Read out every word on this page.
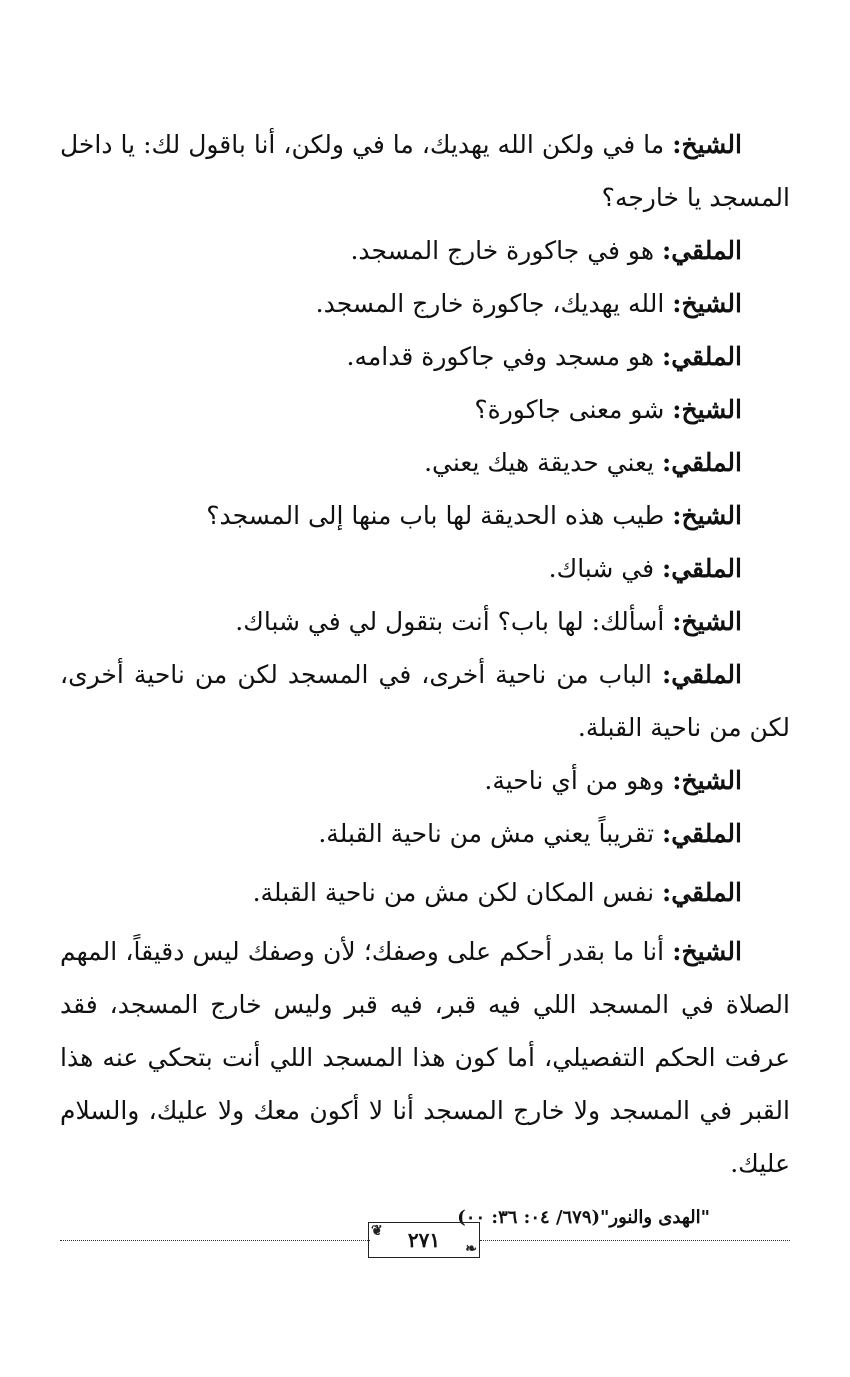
الشيخ: ما في ولكن الله يهديك، ما في ولكن، أنا باقول لك: يا داخل المسجد يا خارجه؟

الملقي: هو في جاكورة خارج المسجد.

الشيخ: الله يهديك، جاكورة خارج المسجد.

الملقي: هو مسجد وفي جاكورة قدامه.

الشيخ: شو معنى جاكورة؟

الملقي: يعني حديقة هيك يعني.

الشيخ: طيب هذه الحديقة لها باب منها إلى المسجد؟

الملقي: في شباك.

الشيخ: أسألك: لها باب؟ أنت بتقول لي في شباك.

الملقي: الباب من ناحية أخرى، في المسجد لكن من ناحية أخرى، لكن من ناحية القبلة.

الشيخ: وهو من أي ناحية.

الملقي: تقريباً يعني مش من ناحية القبلة.

الملقي: نفس المكان لكن مش من ناحية القبلة.

الشيخ: أنا ما بقدر أحكم على وصفك؛ لأن وصفك ليس دقيقاً، المهم الصلاة في المسجد اللي فيه قبر، فيه قبر وليس خارج المسجد، فقد عرفت الحكم التفصيلي، أما كون هذا المسجد اللي أنت بتحكي عنه هذا القبر في المسجد ولا خارج المسجد أنا لا أكون معك ولا عليك، والسلام عليك.

"الهدى والنور"(٦٧٩/ ٠٤: ٣٦: ٠٠)
❦ ٢٧١ ❧
